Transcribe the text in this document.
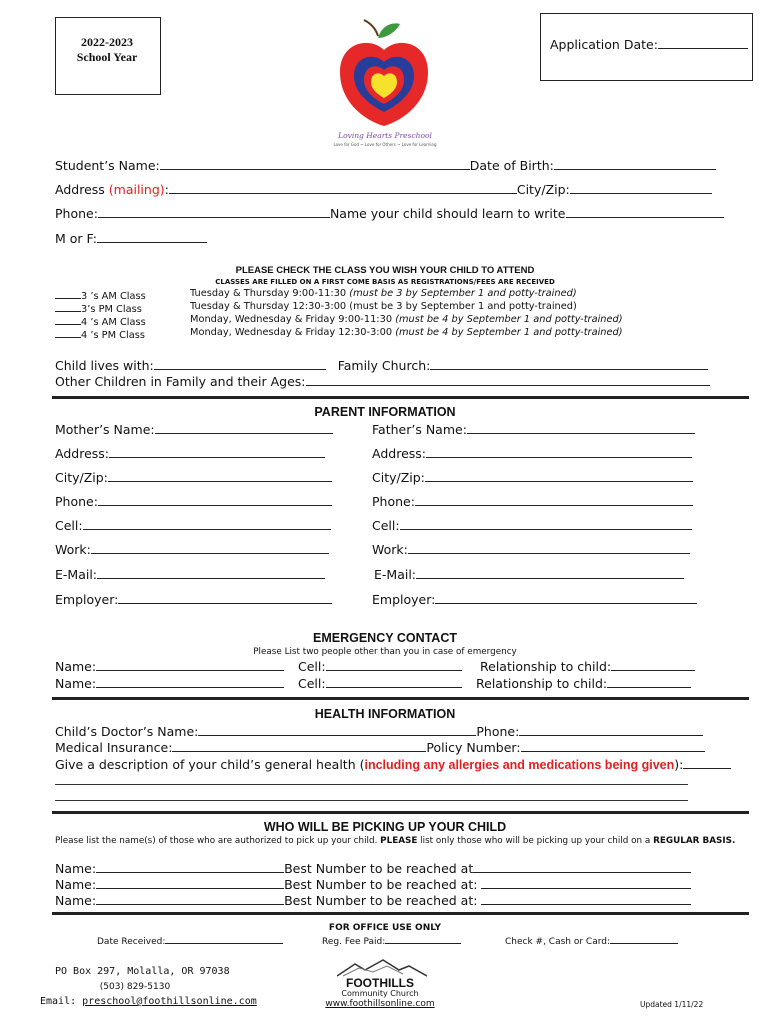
2022-2023
School Year
Application Date:
Loving Hearts Preschool
Love for God ~ Love for Others ~ Love for Learning
Student’s Name:	Date of Birth:
Address (mailing):	City/Zip:
Phone:	Name your child should learn to write
M or F:
PLEASE CHECK THE CLASS YOU WISH YOUR CHILD TO ATTEND
CLASSES ARE FILLED ON A FIRST COME BASIS AS REGISTRATIONS/FEES ARE RECEIVED
3 ’s AM Class	Tuesday & Thursday 9:00-11:30 (must be 3 by September 1 and potty-trained)
3’s PM Class	Tuesday & Thursday 12:30-3:00 (must be 3 by September 1 and potty-trained)
4 ’s AM Class	Monday, Wednesday & Friday 9:00-11:30 (must be 4 by September 1 and potty-trained)
4 ’s PM Class	Monday, Wednesday & Friday 12:30-3:00 (must be 4 by September 1 and potty-trained)
Child lives with:	Family Church:
Other Children in Family and their Ages:
PARENT INFORMATION
Mother’s Name:	Father’s Name:
Address:	Address:
City/Zip:	City/Zip:
Phone:	Phone:
Cell:	Cell:
Work:	Work:
E-Mail:	E-Mail:
Employer:	Employer:
EMERGENCY CONTACT
Please List two people other than you in case of emergency
Name:	Cell:	Relationship to child:
Name:	Cell:	Relationship to child:
HEALTH INFORMATION
Child’s Doctor’s Name:	Phone:
Medical Insurance:	Policy Number:
Give a description of your child’s general health (including any allergies and medications being given):
WHO WILL BE PICKING UP YOUR CHILD
Please list the name(s) of those who are authorized to pick up your child. PLEASE list only those who will be picking up your child on a REGULAR BASIS.
Name:	Best Number to be reached at
Name:	Best Number to be reached at:
Name:	Best Number to be reached at:
FOR OFFICE USE ONLY
Date Received:	Reg. Fee Paid:	Check #, Cash or Card:
PO Box 297, Molalla, OR 97038
(503) 829-5130
Email: preschool@foothillsonline.com
FOOTHILLS
Community Church
www.foothillsonline.com	Updated 1/11/22
